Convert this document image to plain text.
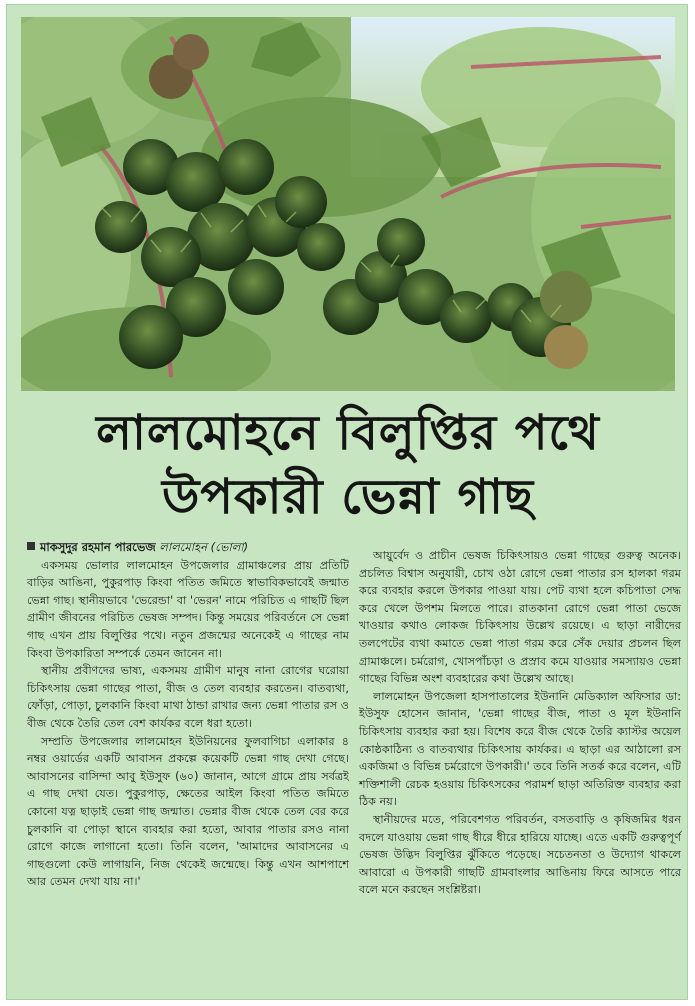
লালমোহনে বিলুপ্তির পথে
উপকারী ভেন্না গাছ

মাকসুদুর রহমান পারভেজ লালমোহন (ভোলা)

একসময় ভোলার লালমোহন উপজেলার গ্রামাঞ্চলের প্রায় প্রতিটি বাড়ির আঙিনা, পুকুরপাড় কিংবা পতিত জমিতে স্বাভাবিকভাবেই জন্মাত ভেন্না গাছ। স্থানীয়ভাবে 'ভেরেন্ডা' বা 'ভেরন' নামে পরিচিত এ গাছটি ছিল গ্রামীণ জীবনের পরিচিত ভেষজ সম্পদ। কিন্তু সময়ের পরিবর্তনে সে ভেন্না গাছ এখন প্রায় বিলুপ্তির পথে। নতুন প্রজন্মের অনেকেই এ গাছের নাম কিংবা উপকারিতা সম্পর্কে তেমন জানেন না।

স্থানীয় প্রবীণদের ভাষ্য, একসময় গ্রামীণ মানুষ নানা রোগের ঘরোয়া চিকিৎসায় ভেন্না গাছের পাতা, বীজ ও তেল ব্যবহার করতেন। বাতব্যথা, ফোঁড়া, পোড়া, চুলকানি কিংবা মাথা ঠান্ডা রাখার জন্য ভেন্না পাতার রস ও বীজ থেকে তৈরি তেল বেশ কার্যকর বলে ধরা হতো।

সম্প্রতি উপজেলার লালমোহন ইউনিয়নের ফুলবাগিচা এলাকার ৪ নম্বর ওয়ার্ডের একটি আবাসন প্রকল্পে কয়েকটি ভেন্না গাছ দেখা গেছে। আবাসনের বাসিন্দা আবু ইউসুফ (৬০) জানান, আগে গ্রামে প্রায় সর্বত্রই এ গাছ দেখা যেত। পুকুরপাড়, ক্ষেতের আইল কিংবা পতিত জমিতে কোনো যত্ন ছাড়াই ভেন্না গাছ জন্মাত। ভেন্নার বীজ থেকে তেল বের করে চুলকানি বা পোড়া স্থানে ব্যবহার করা হতো, আবার পাতার রসও নানা রোগে কাজে লাগানো হতো। তিনি বলেন, 'আমাদের আবাসনের এ গাছগুলো কেউ লাগায়নি, নিজ থেকেই জন্মেছে। কিন্তু এখন আশপাশে আর তেমন দেখা যায় না।'

আয়ুর্বেদ ও প্রাচীন ভেষজ চিকিৎসায়ও ভেন্না গাছের গুরুত্ব অনেক। প্রচলিত বিশ্বাস অনুযায়ী, চোখ ওঠা রোগে ভেন্না পাতার রস হালকা গরম করে ব্যবহার করলে উপকার পাওয়া যায়। পেট ব্যথা হলে কচিপাতা সেদ্ধ করে খেলে উপশম মিলতে পারে। রাতকানা রোগে ভেন্না পাতা ভেজে খাওয়ার কথাও লোকজ চিকিৎসায় উল্লেখ রয়েছে। এ ছাড়া নারীদের তলপেটের ব্যথা কমাতে ভেন্না পাতা গরম করে সেঁক দেয়ার প্রচলন ছিল গ্রামাঞ্চলে। চর্মরোগ, খোসপাঁচড়া ও প্রস্রাব কমে যাওয়ার সমস্যায়ও ভেন্না গাছের বিভিন্ন অংশ ব্যবহারের কথা উল্লেখ আছে।

লালমোহন উপজেলা হাসপাতালের ইউনানি মেডিক্যাল অফিসার ডা: ইউসুফ হোসেন জানান, 'ভেন্না গাছের বীজ, পাতা ও মূল ইউনানি চিকিৎসায় ব্যবহার করা হয়। বিশেষ করে বীজ থেকে তৈরি ক্যাস্টর অয়েল কোষ্ঠকাঠিন্য ও বাতব্যথার চিকিৎসায় কার্যকর। এ ছাড়া এর আঠালো রস একজিমা ও বিভিন্ন চর্মরোগে উপকারী।' তবে তিনি সতর্ক করে বলেন, এটি শক্তিশালী রেচক হওয়ায় চিকিৎসকের পরামর্শ ছাড়া অতিরিক্ত ব্যবহার করা ঠিক নয়।

স্থানীয়দের মতে, পরিবেশগত পরিবর্তন, বসতবাড়ি ও কৃষিজমির ধরন বদলে যাওয়ায় ভেন্না গাছ ধীরে ধীরে হারিয়ে যাচ্ছে। এতে একটি গুরুত্বপূর্ণ ভেষজ উদ্ভিদ বিলুপ্তির ঝুঁকিতে পড়েছে। সচেতনতা ও উদ্যোগ থাকলে আবারো এ উপকারী গাছটি গ্রামবাংলার আঙিনায় ফিরে আসতে পারে বলে মনে করছেন সংশ্লিষ্টরা।
